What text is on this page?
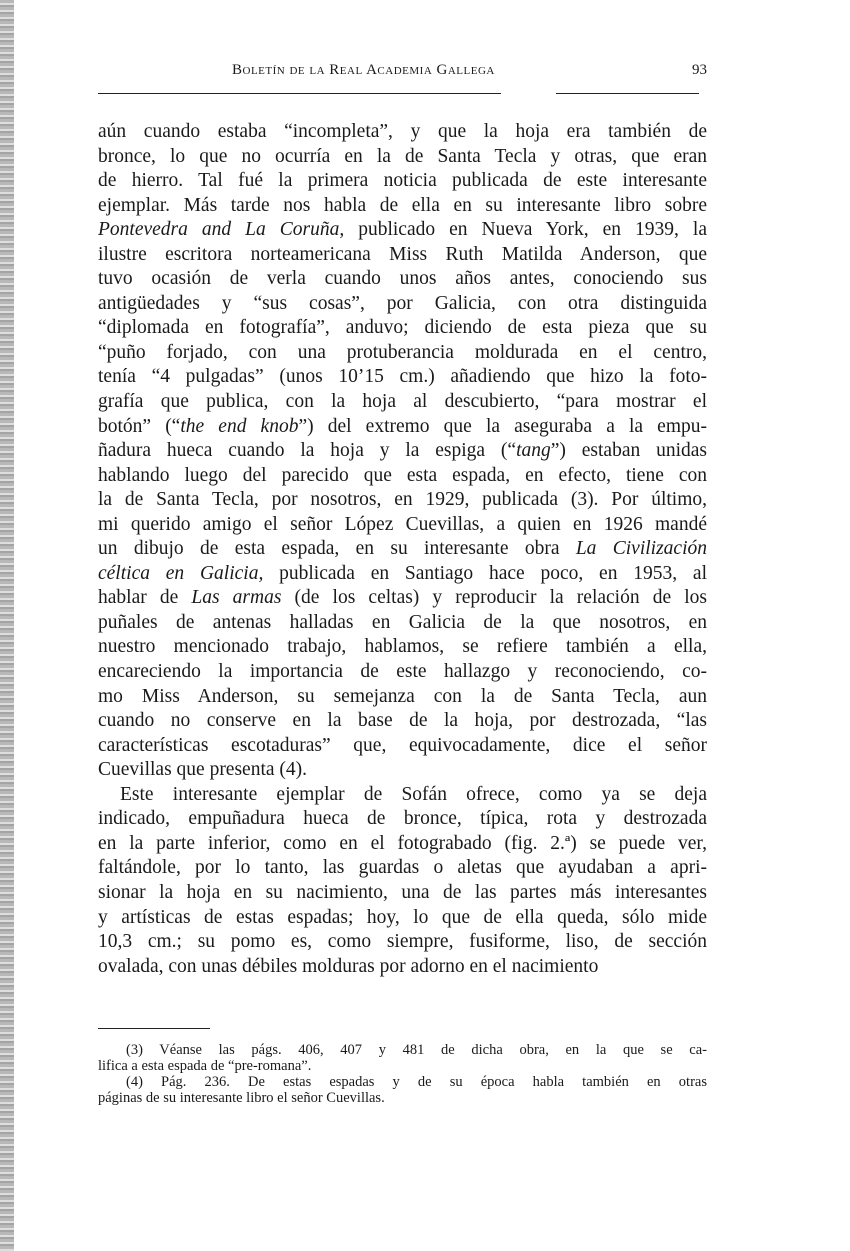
Boletín de la Real Academia Gallega	93
aún cuando estaba “incompleta”, y que la hoja era también de
bronce, lo que no ocurría en la de Santa Tecla y otras, que eran
de hierro. Tal fué la primera noticia publicada de este interesante
ejemplar. Más tarde nos habla de ella en su interesante libro sobre
Pontevedra and La Coruña, publicado en Nueva York, en 1939, la
ilustre escritora norteamericana Miss Ruth Matilda Anderson, que
tuvo ocasión de verla cuando unos años antes, conociendo sus
antigüedades y “sus cosas”, por Galicia, con otra distinguida
“diplomada en fotografía”, anduvo; diciendo de esta pieza que su
“puño forjado, con una protuberancia moldurada en el centro,
tenía “4 pulgadas” (unos 10’15 cm.) añadiendo que hizo la foto-
grafía que publica, con la hoja al descubierto, “para mostrar el
botón” (“the end knob”) del extremo que la aseguraba a la empu-
ñadura hueca cuando la hoja y la espiga (“tang”) estaban unidas
hablando luego del parecido que esta espada, en efecto, tiene con
la de Santa Tecla, por nosotros, en 1929, publicada (3). Por último,
mi querido amigo el señor López Cuevillas, a quien en 1926 mandé
un dibujo de esta espada, en su interesante obra La Civilización
céltica en Galicia, publicada en Santiago hace poco, en 1953, al
hablar de Las armas (de los celtas) y reproducir la relación de los
puñales de antenas halladas en Galicia de la que nosotros, en
nuestro mencionado trabajo, hablamos, se refiere también a ella,
encareciendo la importancia de este hallazgo y reconociendo, co-
mo Miss Anderson, su semejanza con la de Santa Tecla, aun
cuando no conserve en la base de la hoja, por destrozada, “las
características escotaduras” que, equivocadamente, dice el señor
Cuevillas que presenta (4).
Este interesante ejemplar de Sofán ofrece, como ya se deja
indicado, empuñadura hueca de bronce, típica, rota y destrozada
en la parte inferior, como en el fotograbado (fig. 2.ª) se puede ver,
faltándole, por lo tanto, las guardas o aletas que ayudaban a apri-
sionar la hoja en su nacimiento, una de las partes más interesantes
y artísticas de estas espadas; hoy, lo que de ella queda, sólo mide
10,3 cm.; su pomo es, como siempre, fusiforme, liso, de sección
ovalada, con unas débiles molduras por adorno en el nacimiento
(3) Véanse las págs. 406, 407 y 481 de dicha obra, en la que se ca-
lifica a esta espada de “pre-romana”.
(4) Pág. 236. De estas espadas y de su época habla también en otras
páginas de su interesante libro el señor Cuevillas.
